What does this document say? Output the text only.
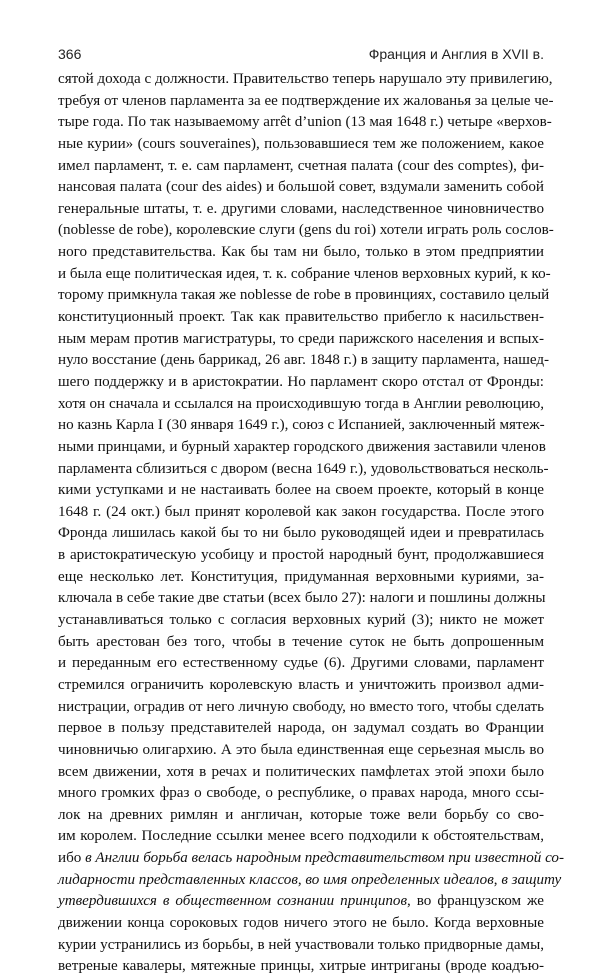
366	Франция и Англия в XVII в.
сятой дохода с должности. Правительство теперь нарушало эту привилегию,
требуя от членов парламента за ее подтверждение их жалованья за целые че-
тыре года. По так называемому arrêt d’union (13 мая 1648 г.) четыре «верхов-
ные курии» (cours souveraines), пользовавшиеся тем же положением, какое
имел парламент, т. е. сам парламент, счетная палата (cour des comptes), фи-
нансовая палата (cour des aides) и большой совет, вздумали заменить собой
генеральные штаты, т. е. другими словами, наследственное чиновничество
(noblesse de robe), королевские слуги (gens du roi) хотели играть роль сослов-
ного представительства. Как бы там ни было, только в этом предприятии
и была еще политическая идея, т. к. собрание членов верховных курий, к ко-
торому примкнула такая же noblesse de robe в провинциях, составило целый
конституционный проект. Так как правительство прибегло к насильствен-
ным мерам против магистратуры, то среди парижского населения и вспых-
нуло восстание (день баррикад, 26 авг. 1848 г.) в защиту парламента, нашед-
шего поддержку и в аристократии. Но парламент скоро отстал от Фронды:
хотя он сначала и ссылался на происходившую тогда в Англии революцию,
но казнь Карла I (30 января 1649 г.), союз с Испанией, заключенный мятеж-
ными принцами, и бурный характер городского движения заставили членов
парламента сблизиться с двором (весна 1649 г.), удовольствоваться несколь-
кими уступками и не настаивать более на своем проекте, который в конце
1648 г. (24 окт.) был принят королевой как закон государства. После этого
Фронда лишилась какой бы то ни было руководящей идеи и превратилась
в аристократическую усобицу и простой народный бунт, продолжавшиеся
еще несколько лет. Конституция, придуманная верховными куриями, за-
ключала в себе такие две статьи (всех было 27): налоги и пошлины должны
устанавливаться только с согласия верховных курий (3); никто не может
быть арестован без того, чтобы в течение суток не быть допрошенным
и переданным его естественному судье (6). Другими словами, парламент
стремился ограничить королевскую власть и уничтожить произвол адми-
нистрации, оградив от него личную свободу, но вместо того, чтобы сделать
первое в пользу представителей народа, он задумал создать во Франции
чиновничью олигархию. А это была единственная еще серьезная мысль во
всем движении, хотя в речах и политических памфлетах этой эпохи было
много громких фраз о свободе, о республике, о правах народа, много ссы-
лок на древних римлян и англичан, которые тоже вели борьбу со сво-
им королем. Последние ссылки менее всего подходили к обстоятельствам,
ибо в Англии борьба велась народным представительством при известной со-
лидарности представленных классов, во имя определенных идеалов, в защиту
утвердившихся в общественном сознании принципов, во французском же
движении конца сороковых годов ничего этого не было. Когда верховные
курии устранились из борьбы, в ней участвовали только придворные дамы,
ветреные кавалеры, мятежные принцы, хитрые интриганы (вроде коадъю-
